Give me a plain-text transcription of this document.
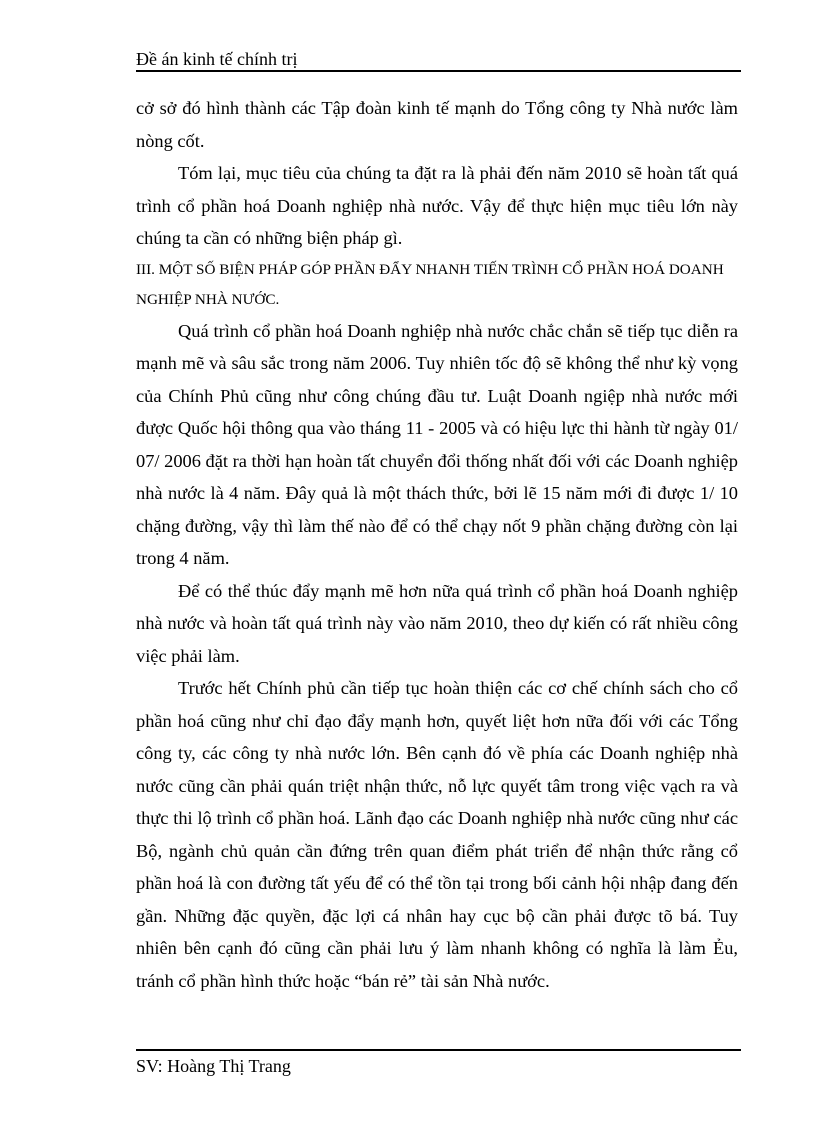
Đề án kinh tế chính trị

cở sở đó hình thành các Tập đoàn kinh tế mạnh do Tổng công ty Nhà nước làm nòng cốt.

Tóm lại, mục tiêu của chúng ta đặt ra là phải đến năm 2010 sẽ hoàn tất quá trình cổ phần hoá Doanh nghiệp nhà nước. Vậy để thực hiện mục tiêu lớn này chúng ta cần có những biện pháp gì.

III. MỘT SỐ BIỆN PHÁP GÓP PHẦN ĐẨY NHANH TIẾN TRÌNH CỔ PHẦN HOÁ DOANH NGHIỆP NHÀ NƯỚC.

Quá trình cổ phần hoá Doanh nghiệp nhà nước chắc chắn sẽ tiếp tục diễn ra mạnh mẽ và sâu sắc trong năm 2006. Tuy nhiên tốc độ sẽ không thể như kỳ vọng của Chính Phủ cũng như công chúng đầu tư. Luật Doanh ngiệp nhà nước mới được Quốc hội thông qua vào tháng 11 - 2005 và có hiệu lực thi hành từ ngày 01/ 07/ 2006 đặt ra thời hạn hoàn tất chuyển đổi thống nhất đối với các Doanh nghiệp nhà nước là 4 năm. Đây quả là một thách thức, bởi lẽ 15 năm mới đi được 1/ 10 chặng đường, vậy thì làm thế nào để có thể chạy nốt 9 phần chặng đường còn lại trong 4 năm.

Để có thể thúc đẩy mạnh mẽ hơn nữa quá trình cổ phần hoá Doanh nghiệp nhà nước và hoàn tất quá trình này vào năm 2010, theo dự kiến có rất nhiều công việc phải làm.

Trước hết Chính phủ cần tiếp tục hoàn thiện các cơ chế chính sách cho cổ phần hoá cũng như chỉ đạo đẩy mạnh hơn, quyết liệt hơn nữa đối với các Tổng công ty, các công ty nhà nước lớn. Bên cạnh đó về phía các Doanh nghiệp nhà nước cũng cần phải quán triệt nhận thức, nỗ lực quyết tâm trong việc vạch ra và thực thi lộ trình cổ phần hoá. Lãnh đạo các Doanh nghiệp nhà nước cũng như các Bộ, ngành chủ quản cần đứng trên quan điểm phát triển để nhận thức rằng cổ phần hoá là con đường tất yếu để có thể tồn tại trong bối cảnh hội nhập đang đến gần. Những đặc quyền, đặc lợi cá nhân hay cục bộ cần phải được tõ bá. Tuy nhiên bên cạnh đó cũng cần phải lưu ý làm nhanh không có nghĩa là làm Ẻu, tránh cổ phần hình thức hoặc “bán rẻ” tài sản Nhà nước.

SV: Hoàng Thị Trang
